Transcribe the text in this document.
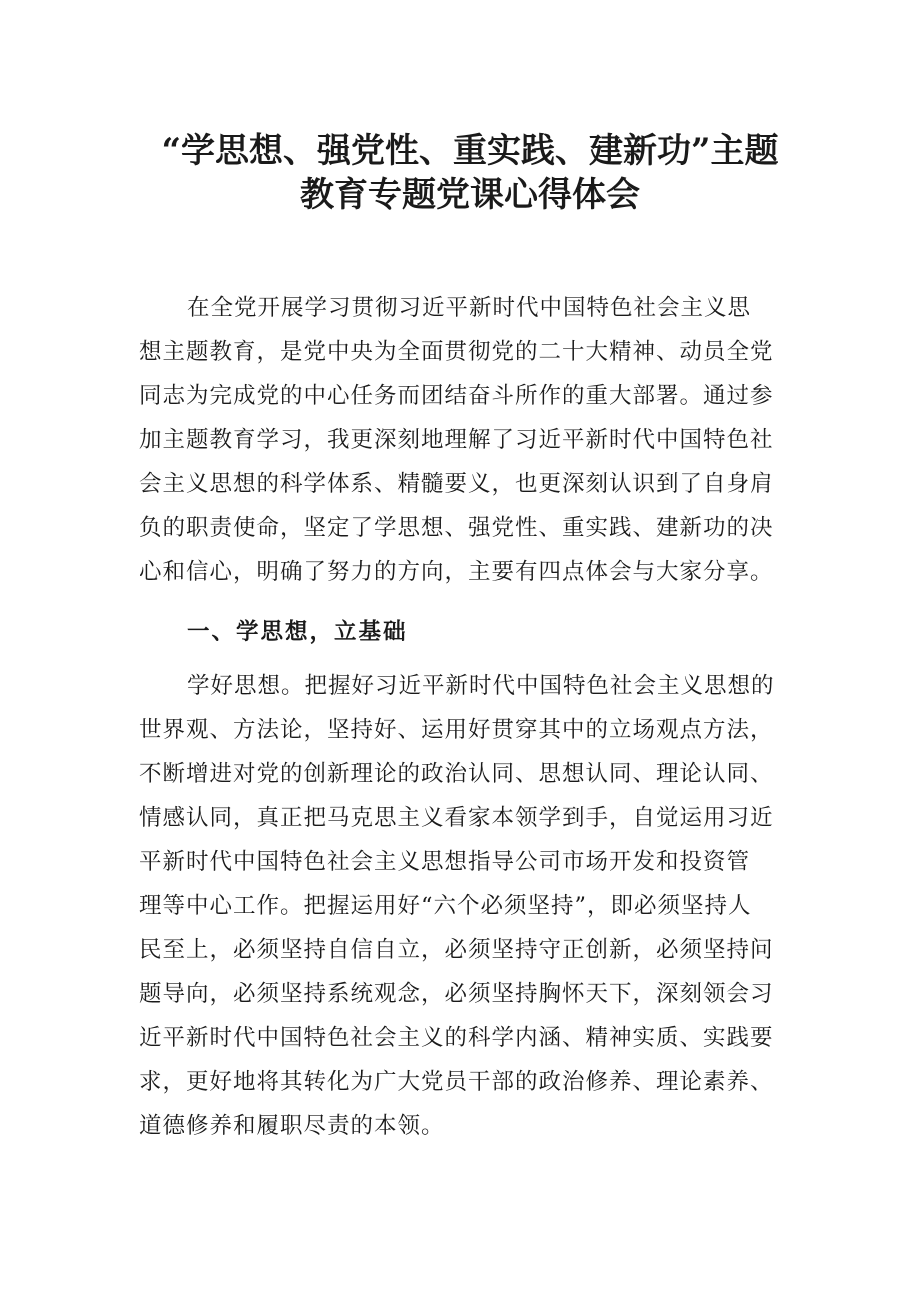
“学思想、强党性、重实践、建新功”主题
教育专题党课心得体会
在全党开展学习贯彻习近平新时代中国特色社会主义思
想主题教育，是党中央为全面贯彻党的二十大精神、动员全党
同志为完成党的中心任务而团结奋斗所作的重大部署。通过参
加主题教育学习，我更深刻地理解了习近平新时代中国特色社
会主义思想的科学体系、精髓要义，也更深刻认识到了自身肩
负的职责使命，坚定了学思想、强党性、重实践、建新功的决
心和信心，明确了努力的方向，主要有四点体会与大家分享。
一、学思想，立基础
学好思想。把握好习近平新时代中国特色社会主义思想的
世界观、方法论，坚持好、运用好贯穿其中的立场观点方法，
不断增进对党的创新理论的政治认同、思想认同、理论认同、
情感认同，真正把马克思主义看家本领学到手，自觉运用习近
平新时代中国特色社会主义思想指导公司市场开发和投资管
理等中心工作。把握运用好“六个必须坚持”，即必须坚持人
民至上，必须坚持自信自立，必须坚持守正创新，必须坚持问
题导向，必须坚持系统观念，必须坚持胸怀天下，深刻领会习
近平新时代中国特色社会主义的科学内涵、精神实质、实践要
求，更好地将其转化为广大党员干部的政治修养、理论素养、
道德修养和履职尽责的本领。
